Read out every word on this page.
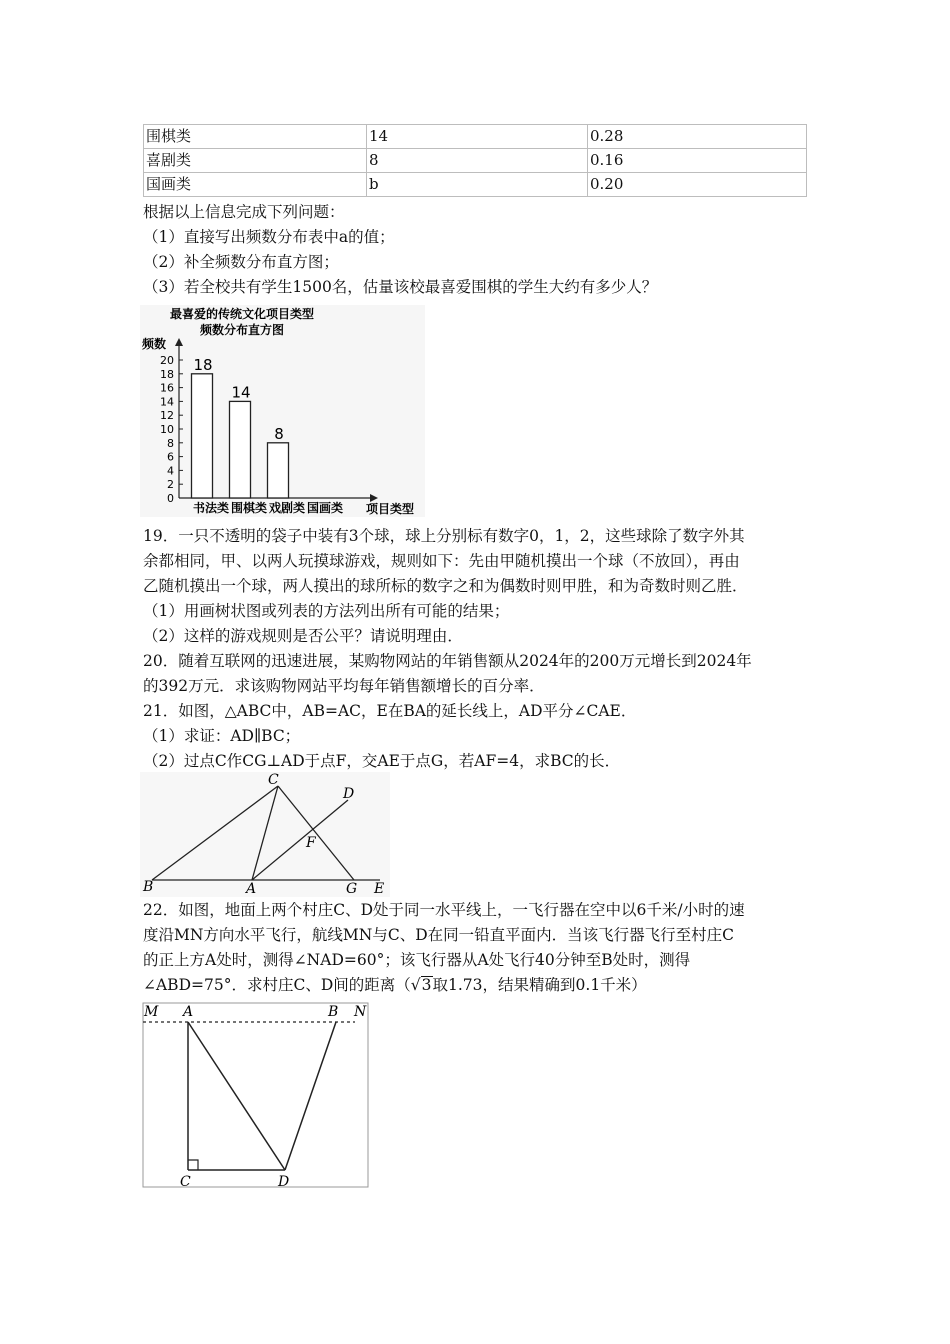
围棋类	14	0.28
喜剧类	8	0.16
国画类	b	0.20
根据以上信息完成下列问题：
（1）直接写出频数分布表中a的值；
（2）补全频数分布直方图；
（3）若全校共有学生1500名，估量该校最喜爱围棋的学生大约有多少人？
最喜爱的传统文化项目类型
频数分布直方图
频数
0
2
4
6
8
10
12
14
16
18
20 18
14
8
书法类 围棋类 戏剧类 国画类 项目类型
19．一只不透明的袋子中装有3个球，球上分别标有数字0，1，2，这些球除了数字外其
余都相同，甲、以两人玩摸球游戏，规则如下：先由甲随机摸出一个球（不放回），再由
乙随机摸出一个球，两人摸出的球所标的数字之和为偶数时则甲胜，和为奇数时则乙胜．
（1）用画树状图或列表的方法列出所有可能的结果；
（2）这样的游戏规则是否公平？请说明理由．
20．随着互联网的迅速进展，某购物网站的年销售额从2024年的200万元增长到2024年
的392万元．求该购物网站平均每年销售额增长的百分率．
21．如图，△ABC中，AB=AC，E在BA的延长线上，AD平分∠CAE．
（1）求证：AD∥BC；
（2）过点C作CG⊥AD于点F，交AE于点G，若AF=4，求BC的长．
B	A	G E
C
D
F
22．如图，地面上两个村庄C、D处于同一水平线上，一飞行器在空中以6千米/小时的速
度沿MN方向水平飞行，航线MN与C、D在同一铅直平面内．当该飞行器飞行至村庄C
的正上方A处时，测得∠NAD=60°；该飞行器从A处飞行40分钟至B处时，测得
∠ABD=75°．求村庄C、D间的距离（√3取1.73，结果精确到0.1千米）
M A	B N
C	D
